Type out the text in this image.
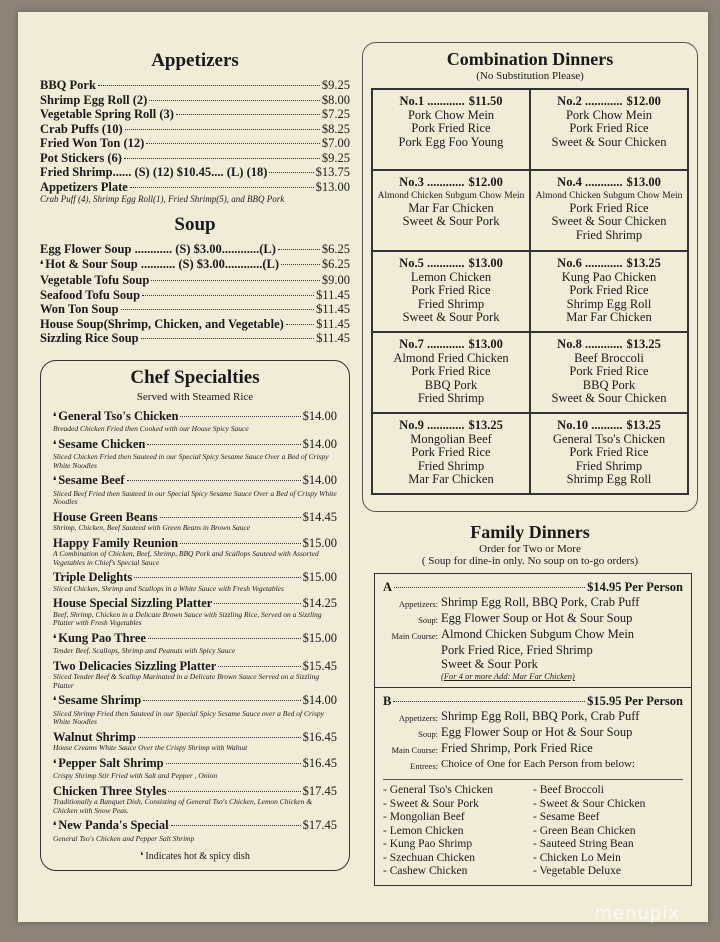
Appetizers
BBQ Pork	$9.25
Shrimp Egg Roll (2)	$8.00
Vegetable Spring Roll (3)	$7.25
Crab Puffs (10)	$8.25
Fried Won Ton (12)	$7.00
Pot Stickers (6)	$9.25
Fried Shrimp...... (S) (12) $10.45.... (L) (18)	$13.75
Appetizers Plate	$13.00
Crab Puff (4), Shrimp Egg Roll(1), Fried Shrimp(5), and BBQ Pork
Soup
Egg Flower Soup ............ (S) $3.00............(L)	$6.25
❛ Hot & Sour Soup ........... (S) $3.00............(L)	$6.25
Vegetable Tofu Soup	$9.00
Seafood Tofu Soup	$11.45
Won Ton Soup	$11.45
House Soup(Shrimp, Chicken, and Vegetable)	$11.45
Sizzling Rice Soup	$11.45
Chef Specialties
Served with Steamed Rice
❛ General Tso's Chicken	$14.00
Breaded Chicken Fried then Cooked with our House Spicy Sauce
❛ Sesame Chicken	$14.00
Sliced Chicken Fried then Sauteed in our Special Spicy Sesame Sauce Over a Bed of Crispy White Noodles
❛ Sesame Beef	$14.00
Sliced Beef Fried then Sauteed in our Special Spicy Sesame Sauce Over a Bed of Crispy White Noodles
House Green Beans	$14.45
Shrimp, Chicken, Beef Sauteed with Green Beans in Brown Sauce
Happy Family Reunion	$15.00
A Combination of Chicken, Beef, Shrimp, BBQ Pork and Scallops Sauteed with Assorted Vegetables in Chief's Special Sauce
Triple Delights	$15.00
Sliced Chicken, Shrimp and Scallops in a White Sauce with Fresh Vegetables
House Special Sizzling Platter	$14.25
Beef, Shrimp, Chicken in a Delicate Brown Sauce with Sizzling Rice, Served on a Sizzling Platter with Fresh Vegetables
❛ Kung Pao Three	$15.00
Tender Beef, Scallops, Shrimp and Peanuts with Spicy Sauce
Two Delicacies Sizzling Platter	$15.45
Sliced Tender Beef & Scallop Marinated in a Delicate Brown Sauce Served on a Sizzling Platter
❛ Sesame Shrimp	$14.00
Sliced Shrimp Fried then Sauteed in our Special Spicy Sesame Sauce over a Bed of Crispy White Noodles
Walnut Shrimp	$16.45
House Creams White Sauce Over the Crispy Shrimp with Walnut
❛ Pepper Salt Shrimp	$16.45
Crispy Shrimp Stir Fried with Salt and Pepper , Onion
Chicken Three Styles	$17.45
Traditionally a Banquet Dish, Consisting of General Tso's Chicken, Lemon Chicken & Chicken with Snow Peas.
❛ New Panda's Special	$17.45
General Tso's Chicken and Pepper Salt Shrimp
❛ Indicates hot & spicy dish
Combination Dinners
(No Substitution Please)
No.1 ............ $11.50
Pork Chow Mein
Pork Fried Rice
Pork Egg Foo Young
No.2 ............ $12.00
Pork Chow Mein
Pork Fried Rice
Sweet & Sour Chicken
No.3 ............ $12.00
Almond Chicken Subgum Chow Mein
Mar Far Chicken
Sweet & Sour Pork
No.4 ............ $13.00
Almond Chicken Subgum Chow Mein
Pork Fried Rice
Sweet & Sour Chicken
Fried Shrimp
No.5 ............ $13.00
Lemon Chicken
Pork Fried Rice
Fried Shrimp
Sweet & Sour Pork
No.6 ............ $13.25
Kung Pao Chicken
Pork Fried Rice
Shrimp Egg Roll
Mar Far Chicken
No.7 ............ $13.00
Almond Fried Chicken
Pork Fried Rice
BBQ Pork
Fried Shrimp
No.8 ............ $13.25
Beef Broccoli
Pork Fried Rice
BBQ Pork
Sweet & Sour Chicken
No.9 ............ $13.25
Mongolian Beef
Pork Fried Rice
Fried Shrimp
Mar Far Chicken
No.10 .......... $13.25
General Tso's Chicken
Pork Fried Rice
Fried Shrimp
Shrimp Egg Roll
Family Dinners
Order for Two or More
( Soup for dine-in only. No soup on to-go orders)
A	$14.95 Per Person
Appetizers: Shrimp Egg Roll, BBQ Pork, Crab Puff
Soup: Egg Flower Soup or Hot & Sour Soup
Main Course: Almond Chicken Subgum Chow Mein
Pork Fried Rice, Fried Shrimp
Sweet & Sour Pork
(For 4 or more Add: Mar Far Chicken)
B	$15.95 Per Person
Appetizers: Shrimp Egg Roll, BBQ Pork, Crab Puff
Soup: Egg Flower Soup or Hot & Sour Soup
Main Course: Fried Shrimp, Pork Fried Rice
Entrees: Choice of One for Each Person from below:
- General Tso's Chicken
- Sweet & Sour Pork
- Mongolian Beef
- Lemon Chicken
- Kung Pao Shrimp
- Szechuan Chicken
- Cashew Chicken
- Beef Broccoli
- Sweet & Sour Chicken
- Sesame Beef
- Green Bean Chicken
- Sauteed String Bean
- Chicken Lo Mein
- Vegetable Deluxe
menupix
